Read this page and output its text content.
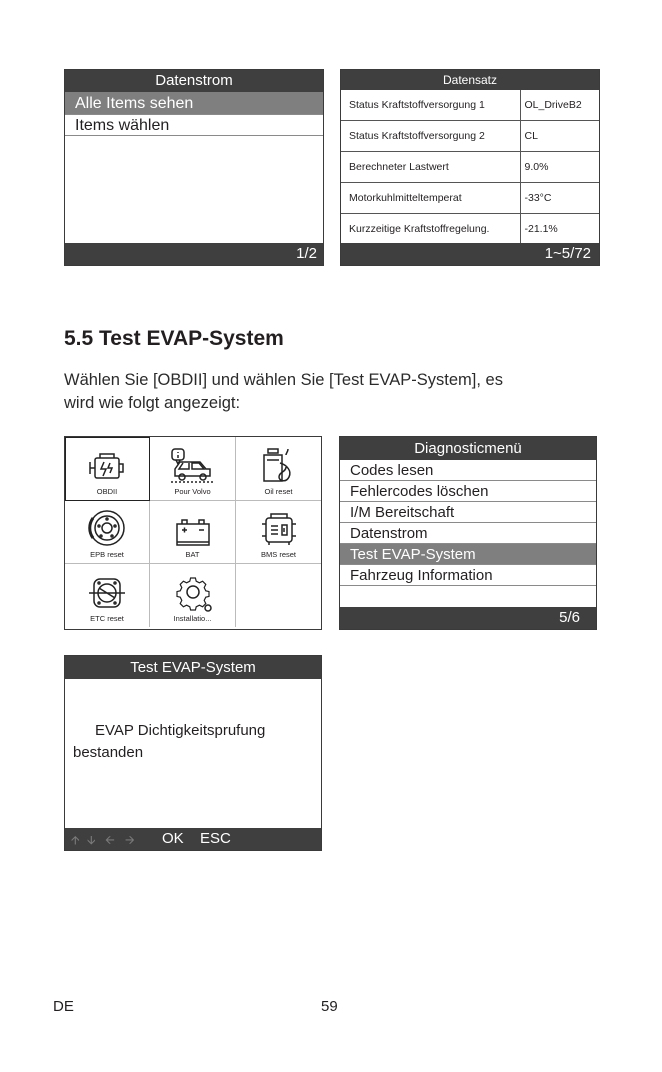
Datenstrom
Alle Items sehen
Items wählen
1/2
Datensatz
Status Kraftstoffversorgung 1	OL_DriveB2
Status Kraftstoffversorgung 2	CL
Berechneter Lastwert	9.0%
Motorkuhlmitteltemperat	-33°C
Kurzzeitige Kraftstoffregelung.	-21.1%
1~5/72
5.5 Test EVAP-System
Wählen Sie [OBDII] und wählen Sie [Test EVAP-System], es
wird wie folgt angezeigt:
OBDII	Pour Volvo	Oil reset
EPB reset	BAT	BMS reset
ETC reset	Installatio...
Diagnosticmenü
Codes lesen
Fehlercodes löschen
I/M Bereitschaft
Datenstrom
Test EVAP-System
Fahrzeug Information
5/6
Test EVAP-System
EVAP Dichtigkeitsprufung
bestanden
🡩 🡫 🡨 🡪 OK ESC
DE	59
